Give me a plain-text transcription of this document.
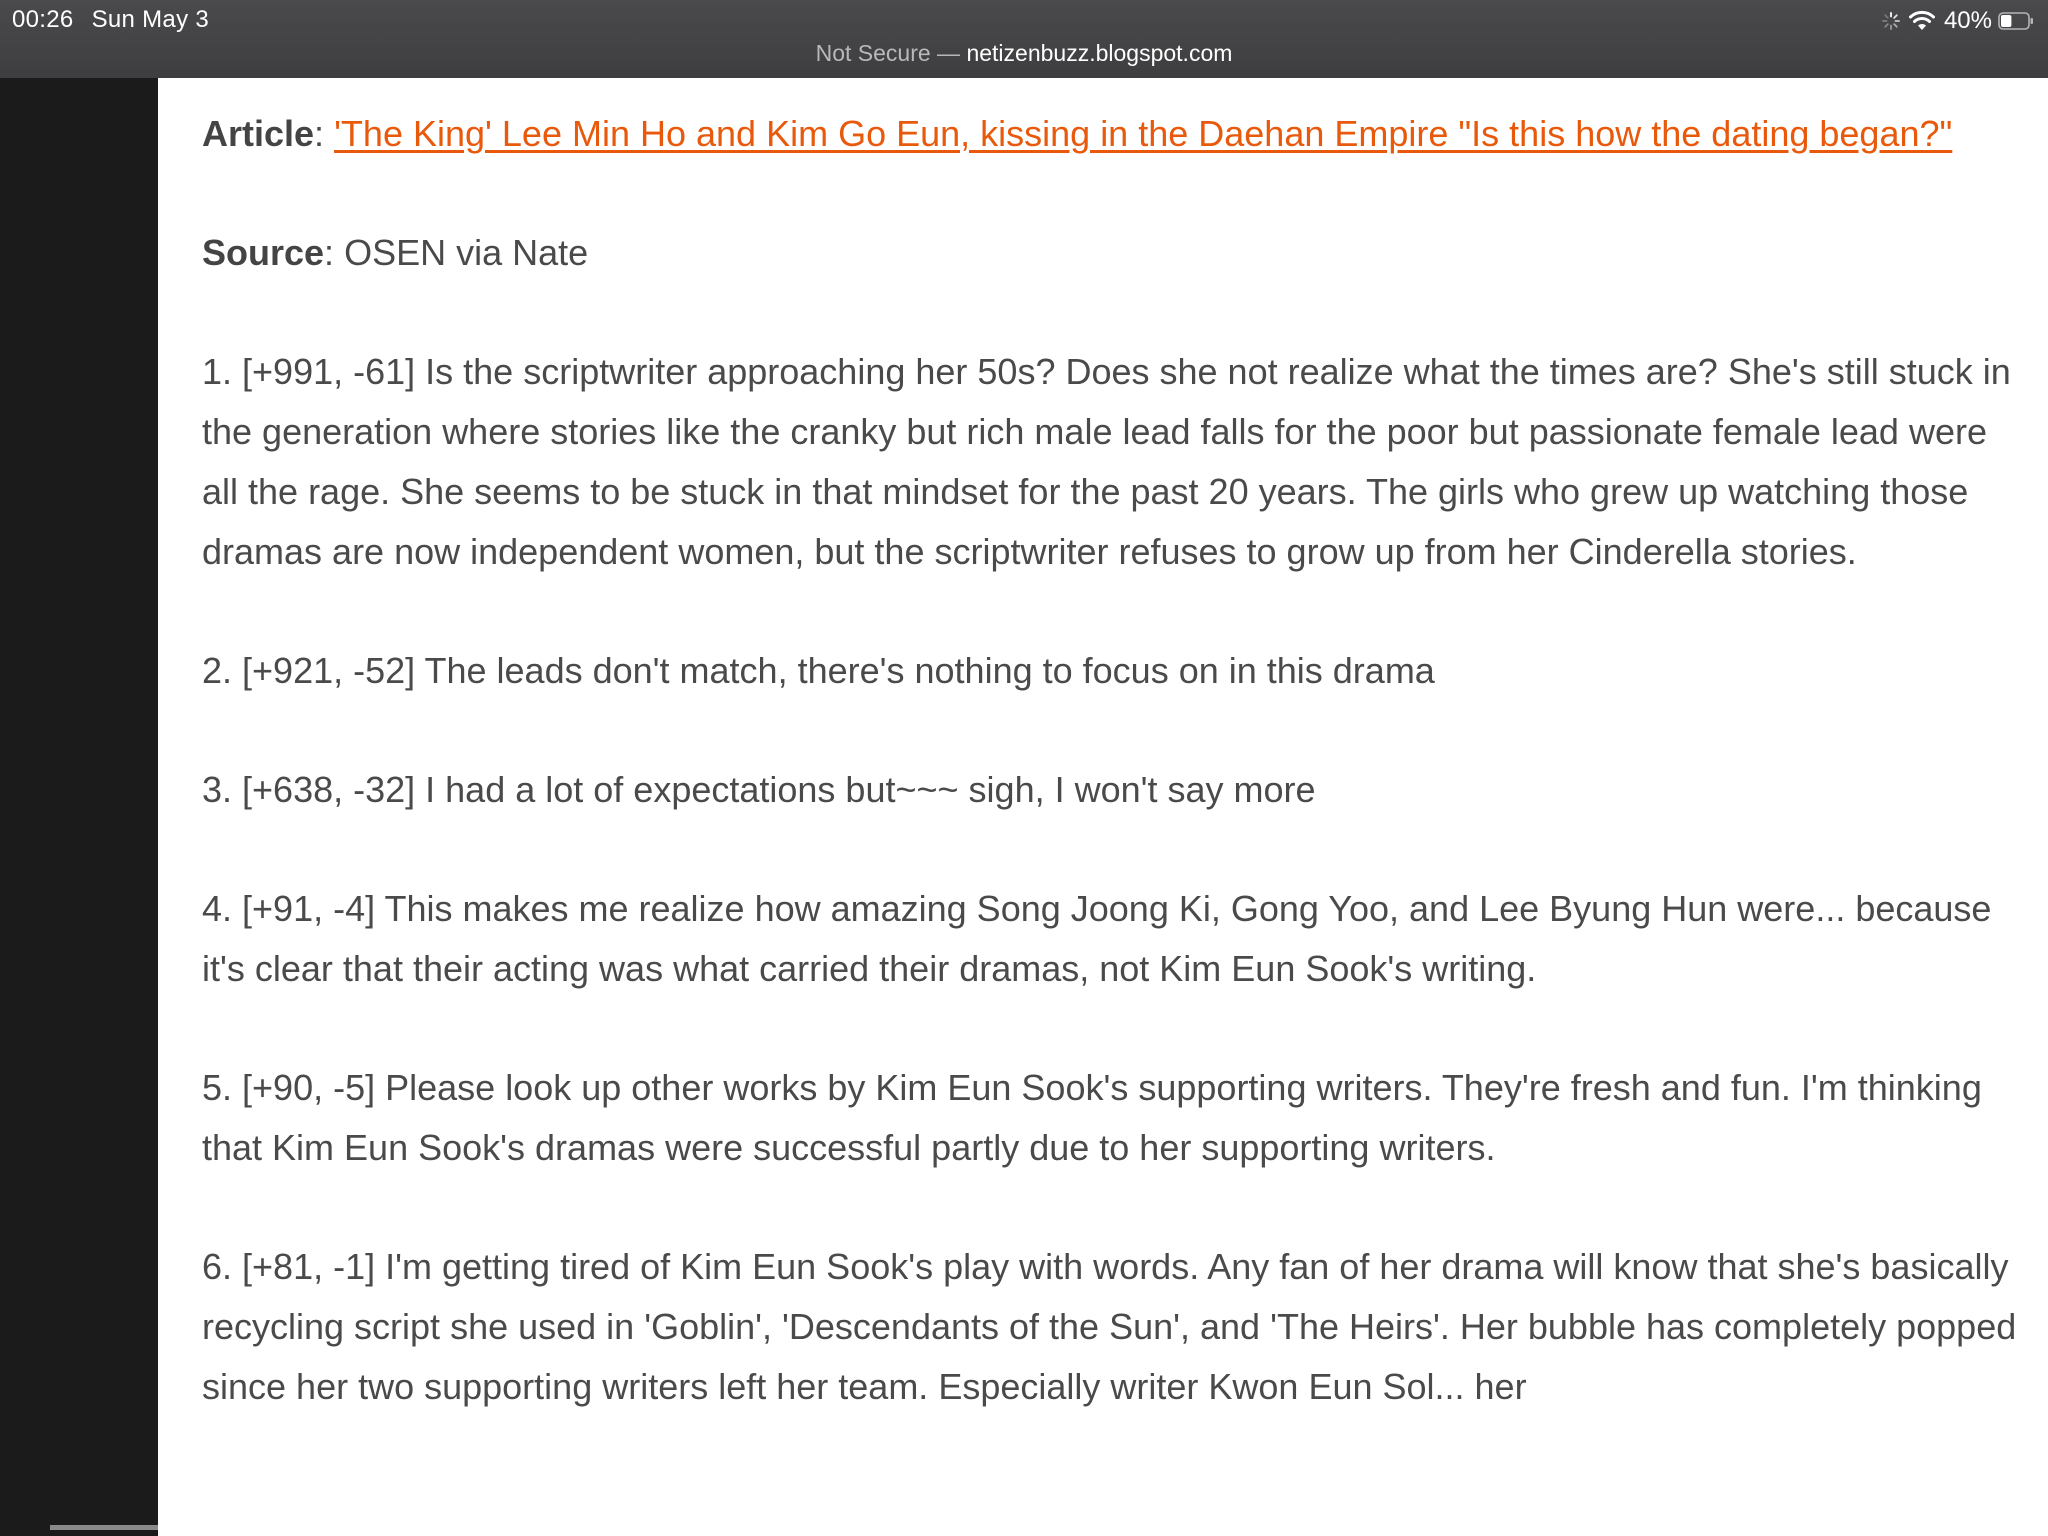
00:26 Sun May 3	40%
Not Secure — netizenbuzz.blogspot.com

Article: 'The King' Lee Min Ho and Kim Go Eun, kissing in the Daehan Empire "Is this how the dating began?"

Source: OSEN via Nate

1. [+991, -61] Is the scriptwriter approaching her 50s? Does she not realize what the times are? She's still stuck in the generation where stories like the cranky but rich male lead falls for the poor but passionate female lead were all the rage. She seems to be stuck in that mindset for the past 20 years. The girls who grew up watching those dramas are now independent women, but the scriptwriter refuses to grow up from her Cinderella stories.

2. [+921, -52] The leads don't match, there's nothing to focus on in this drama

3. [+638, -32] I had a lot of expectations but~~~ sigh, I won't say more

4. [+91, -4] This makes me realize how amazing Song Joong Ki, Gong Yoo, and Lee Byung Hun were... because it's clear that their acting was what carried their dramas, not Kim Eun Sook's writing.

5. [+90, -5] Please look up other works by Kim Eun Sook's supporting writers. They're fresh and fun. I'm thinking that Kim Eun Sook's dramas were successful partly due to her supporting writers.

6. [+81, -1] I'm getting tired of Kim Eun Sook's play with words. Any fan of her drama will know that she's basically recycling script she used in 'Goblin', 'Descendants of the Sun', and 'The Heirs'. Her bubble has completely popped since her two supporting writers left her team. Especially writer Kwon Eun Sol... her
